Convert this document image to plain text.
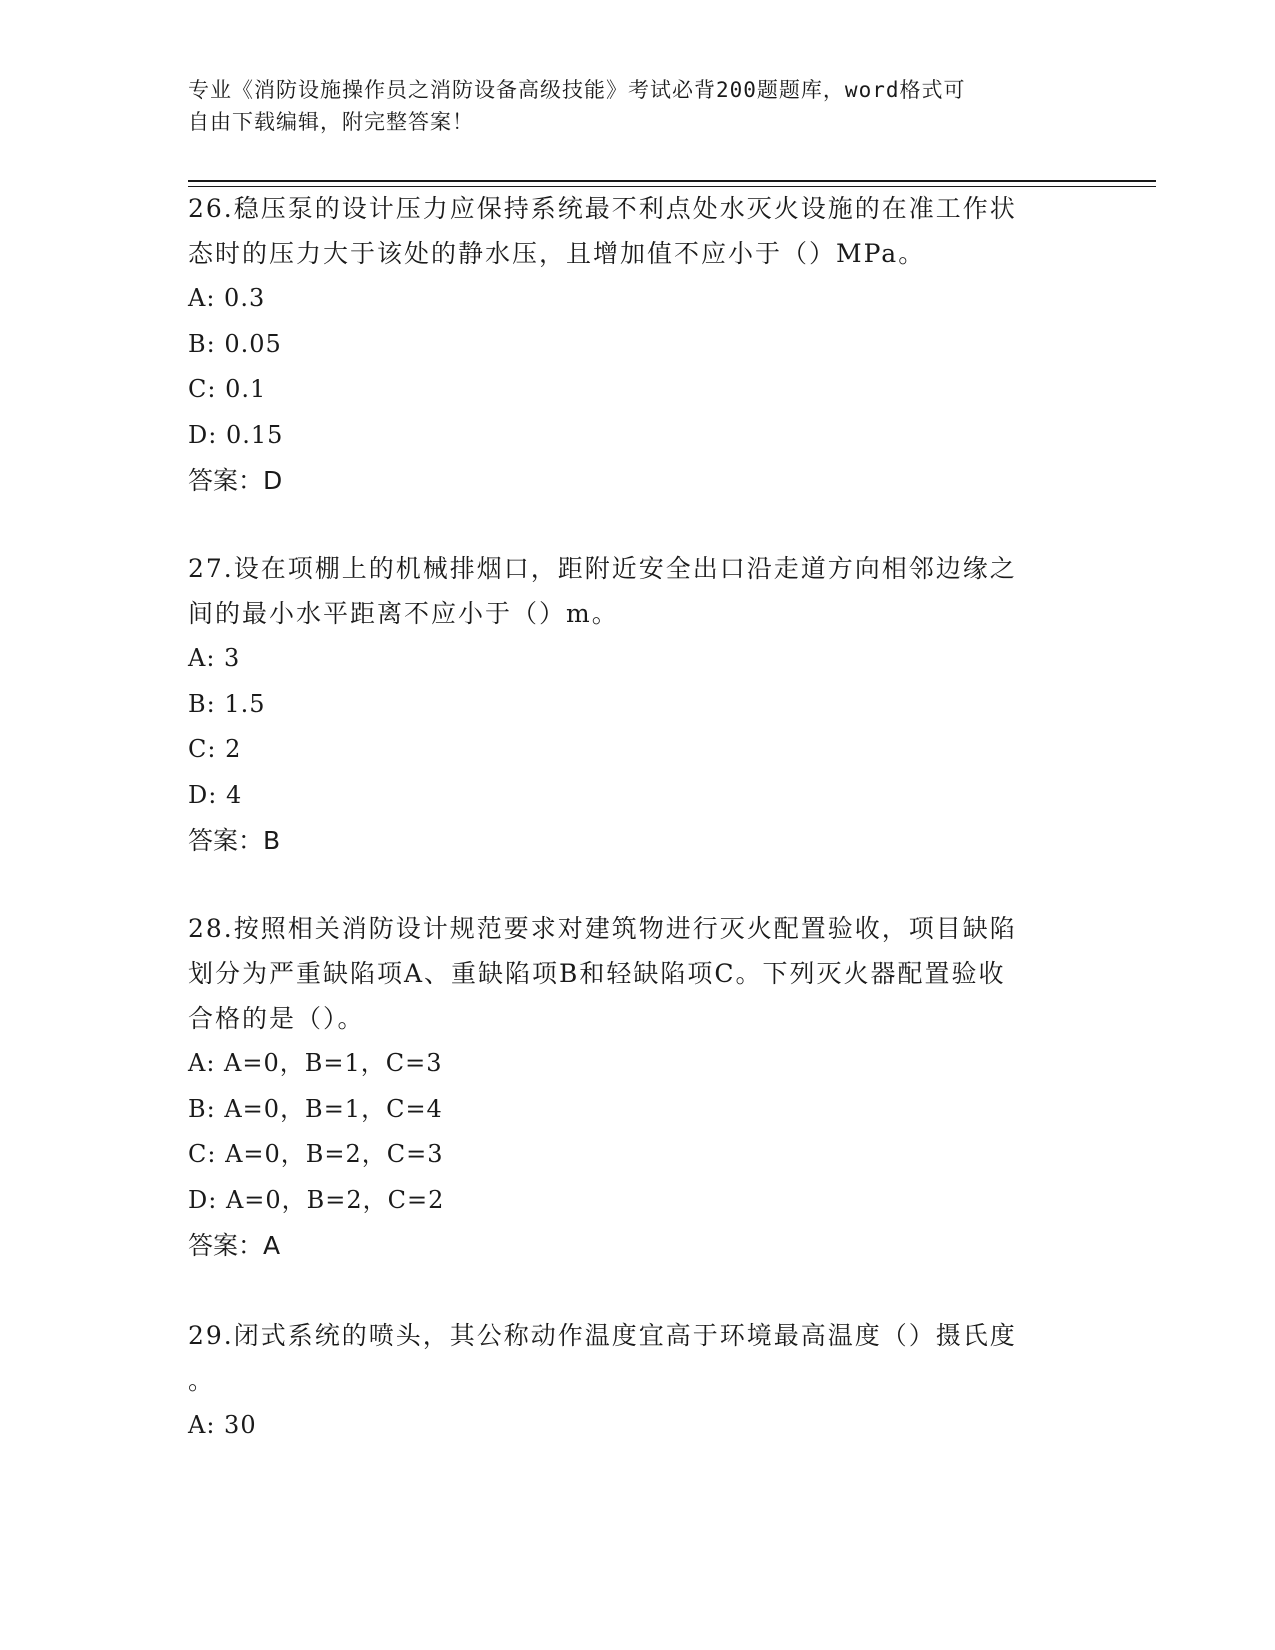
专业《消防设施操作员之消防设备高级技能》考试必背200题题库，word格式可
自由下载编辑，附完整答案！

26.稳压泵的设计压力应保持系统最不利点处水灭火设施的在准工作状

态时的压力大于该处的静水压，且增加值不应小于（）MPa。

A: 0.3

B: 0.05

C: 0.1

D: 0.15

答案：D

27.设在项棚上的机械排烟口，距附近安全出口沿走道方向相邻边缘之

间的最小水平距离不应小于（）m。

A: 3

B: 1.5

C: 2

D: 4

答案：B

28.按照相关消防设计规范要求对建筑物进行灭火配置验收，项目缺陷

划分为严重缺陷项A、重缺陷项B和轻缺陷项C。下列灭火器配置验收

合格的是（）。

A: A=0，B=1，C=3

B: A=0，B=1，C=4

C: A=0，B=2，C=3

D: A=0，B=2，C=2

答案：A

29.闭式系统的喷头，其公称动作温度宜高于环境最高温度（）摄氏度

。

A: 30
